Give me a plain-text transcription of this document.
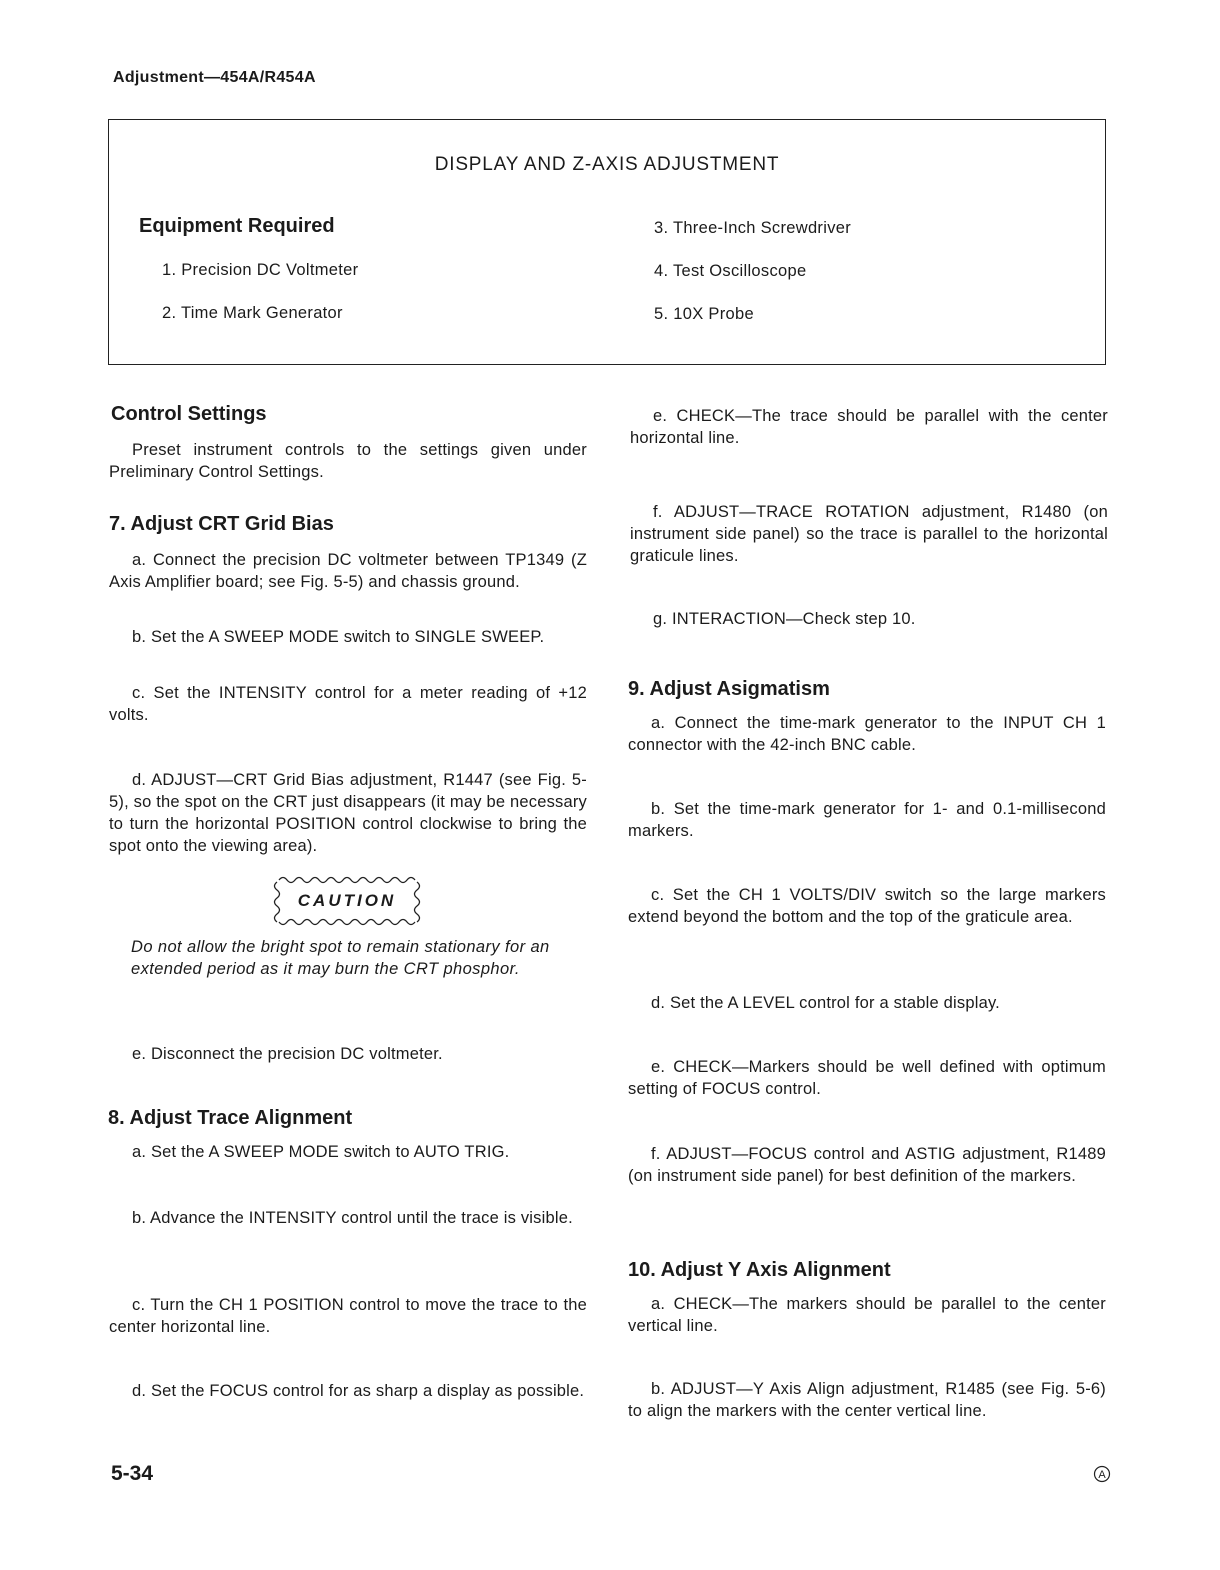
Adjustment—454A/R454A
DISPLAY AND Z-AXIS ADJUSTMENT
Equipment Required
1. Precision DC Voltmeter
2. Time Mark Generator
3. Three-Inch Screwdriver
4. Test Oscilloscope
5. 10X Probe
Control Settings

Preset instrument controls to the settings given under Preliminary Control Settings.

7. Adjust CRT Grid Bias

a. Connect the precision DC voltmeter between TP1349 (Z Axis Amplifier board; see Fig. 5-5) and chassis ground.

b. Set the A SWEEP MODE switch to SINGLE SWEEP.

c. Set the INTENSITY control for a meter reading of +12 volts.

d. ADJUST—CRT Grid Bias adjustment, R1447 (see Fig. 5-5), so the spot on the CRT just disappears (it may be necessary to turn the horizontal POSITION control clockwise to bring the spot onto the viewing area).

CAUTION
Do not allow the bright spot to remain stationary for an extended period as it may burn the CRT phosphor.

e. Disconnect the precision DC voltmeter.

8. Adjust Trace Alignment

a. Set the A SWEEP MODE switch to AUTO TRIG.

b. Advance the INTENSITY control until the trace is visible.

c. Turn the CH 1 POSITION control to move the trace to the center horizontal line.

d. Set the FOCUS control for as sharp a display as possible.

e. CHECK—The trace should be parallel with the center horizontal line.

f. ADJUST—TRACE ROTATION adjustment, R1480 (on instrument side panel) so the trace is parallel to the horizontal graticule lines.

g. INTERACTION—Check step 10.

9. Adjust Asigmatism

a. Connect the time-mark generator to the INPUT CH 1 connector with the 42-inch BNC cable.

b. Set the time-mark generator for 1- and 0.1-millisecond markers.

c. Set the CH 1 VOLTS/DIV switch so the large markers extend beyond the bottom and the top of the graticule area.

d. Set the A LEVEL control for a stable display.

e. CHECK—Markers should be well defined with optimum setting of FOCUS control.

f. ADJUST—FOCUS control and ASTIG adjustment, R1489 (on instrument side panel) for best definition of the markers.

10. Adjust Y Axis Alignment

a. CHECK—The markers should be parallel to the center vertical line.

b. ADJUST—Y Axis Align adjustment, R1485 (see Fig. 5-6) to align the markers with the center vertical line.

5-34	A
